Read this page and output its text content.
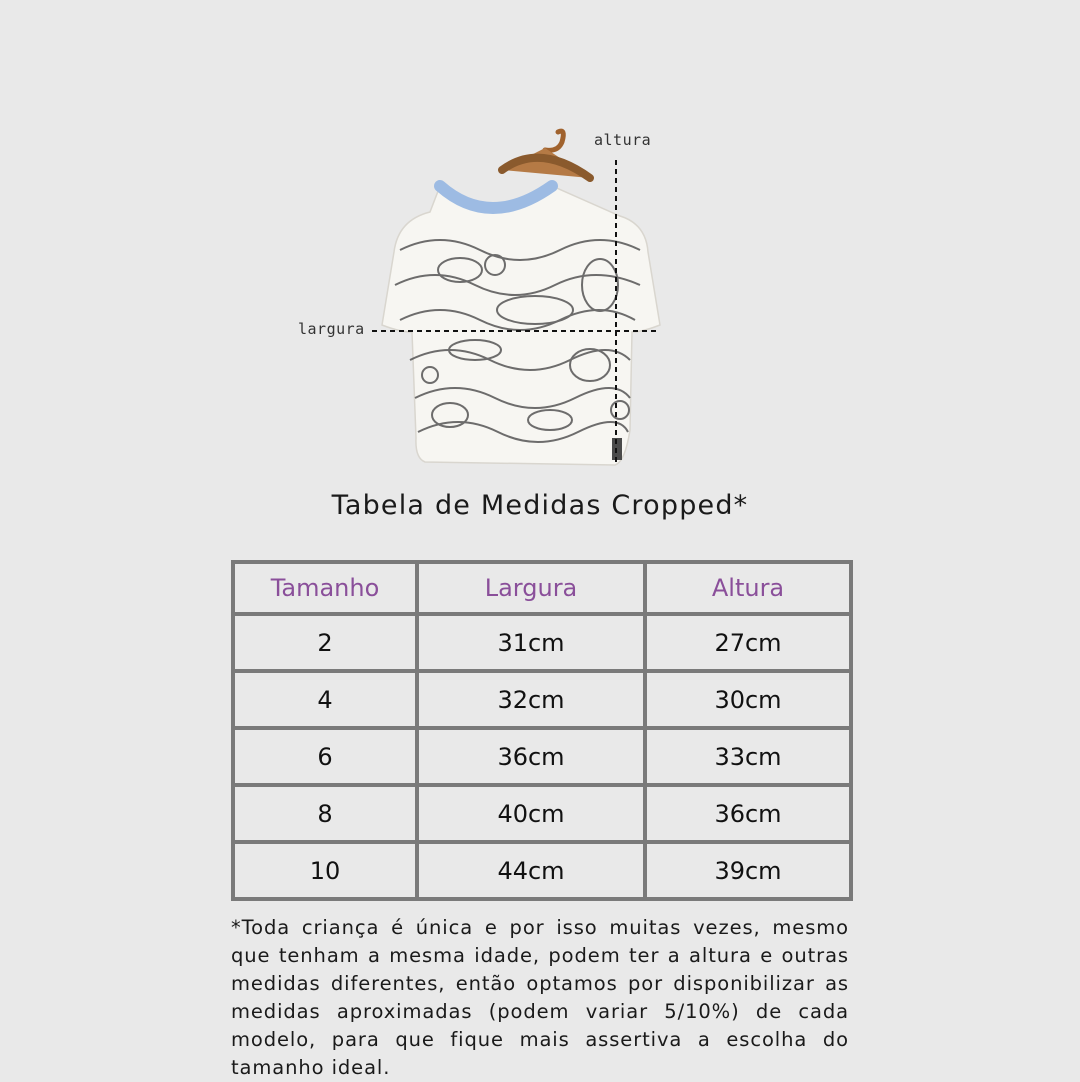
altura
largura
Tabela de Medidas Cropped*
Tamanho	Largura	Altura
2	31cm	27cm
4	32cm	30cm
6	36cm	33cm
8	40cm	36cm
10	44cm	39cm
*Toda criança é única e por isso muitas vezes, mesmo que tenham a mesma idade, podem ter a altura e outras medidas diferentes, então optamos por disponibilizar as medidas aproximadas (podem variar 5/10%) de cada modelo, para que fique mais assertiva a escolha do tamanho ideal.
